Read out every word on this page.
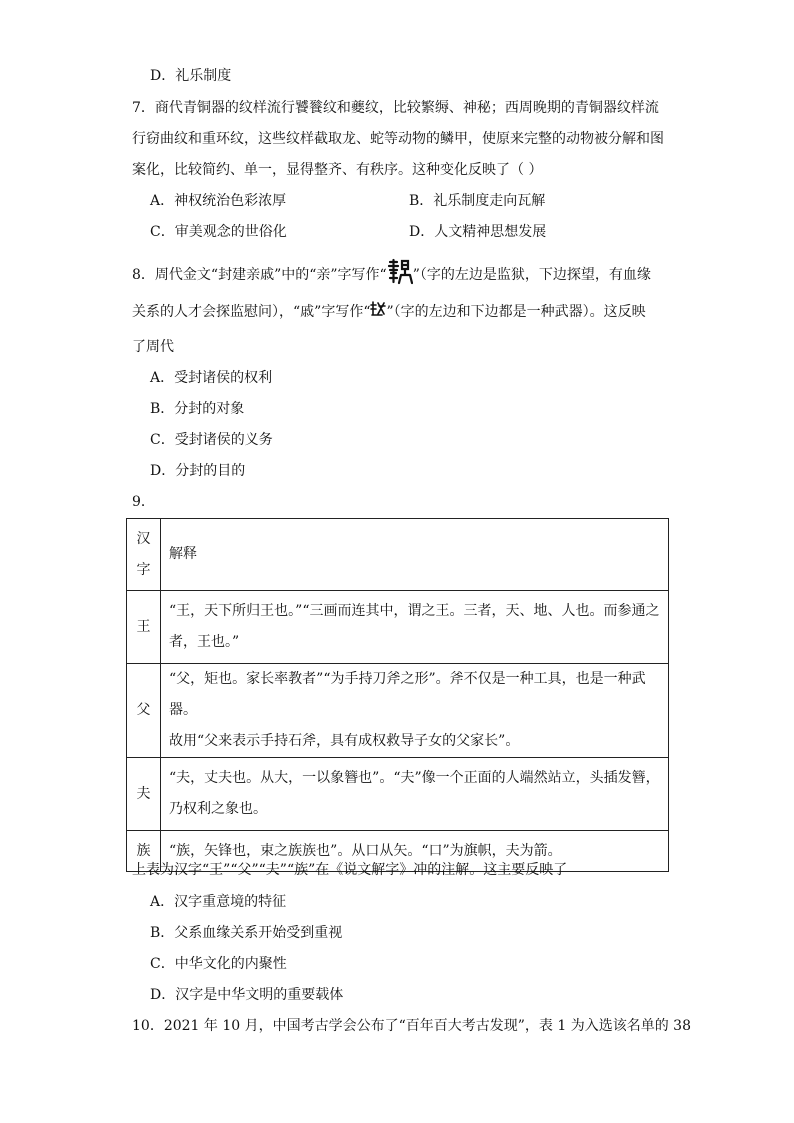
D．礼乐制度
7．商代青铜器的纹样流行饕餮纹和夔纹，比较繁缛、神秘；西周晚期的青铜器纹样流
行窃曲纹和重环纹，这些纹样截取龙、蛇等动物的鳞甲，使原来完整的动物被分解和图
案化，比较简约、单一，显得整齐、有秩序。这种变化反映了（ ）
A．神权统治色彩浓厚	B．礼乐制度走向瓦解
C．审美观念的世俗化	D．人文精神思想发展
8．周代金文“封建亲戚”中的“亲”字写作“ ”（字的左边是监狱，下边探望，有血缘
关系的人才会探监慰问），“戚”字写作“ ”（字的左边和下边都是一种武器）。这反映
了周代
A．受封诸侯的权利
B．分封的对象
C．受封诸侯的义务
D．分封的目的
9．
汉
字	解释
王	“王，天下所归王也。”“三画而连其中，谓之王。三者，天、地、人也。而参通之
者，王也。”

父	“父，矩也。家长率教者”“为手持刀斧之形”。斧不仅是一种工具，也是一种武器。
故用“父来表示手持石斧，具有成权救导子女的父家长”。

夫	“夫，丈夫也。从大，一以象簪也”。“夫”像一个正面的人端然站立，头插发簪，
乃权利之象也。

族	“族，矢锋也，束之族族也”。从口从矢。“口”为旗帜，夫为箭。
上表为汉字“王”“父”“夫”“族”在《说文解字》冲的注解。这主要反映了
A．汉字重意境的特征
B．父系血缘关系开始受到重视
C．中华文化的内聚性
D．汉字是中华文明的重要载体
10．2021 年 10 月，中国考古学会公布了“百年百大考古发现”，表 1 为入选该名单的 38
